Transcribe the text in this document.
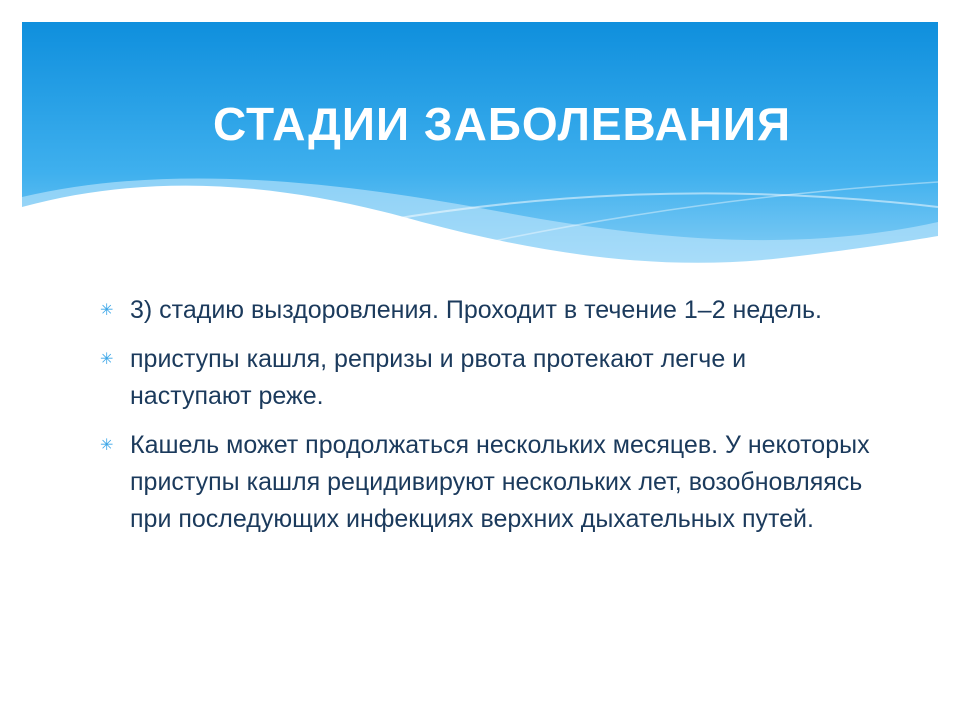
СТАДИИ ЗАБОЛЕВАНИЯ
✳ 3) стадию выздоровления. Проходит в течение 1–2 недель.
✳ приступы кашля, репризы и рвота протекают легче и наступают реже.
✳ Кашель может продолжаться нескольких месяцев. У некоторых приступы кашля рецидивируют нескольких лет, возобновляясь при последующих инфекциях верхних дыхательных путей.
